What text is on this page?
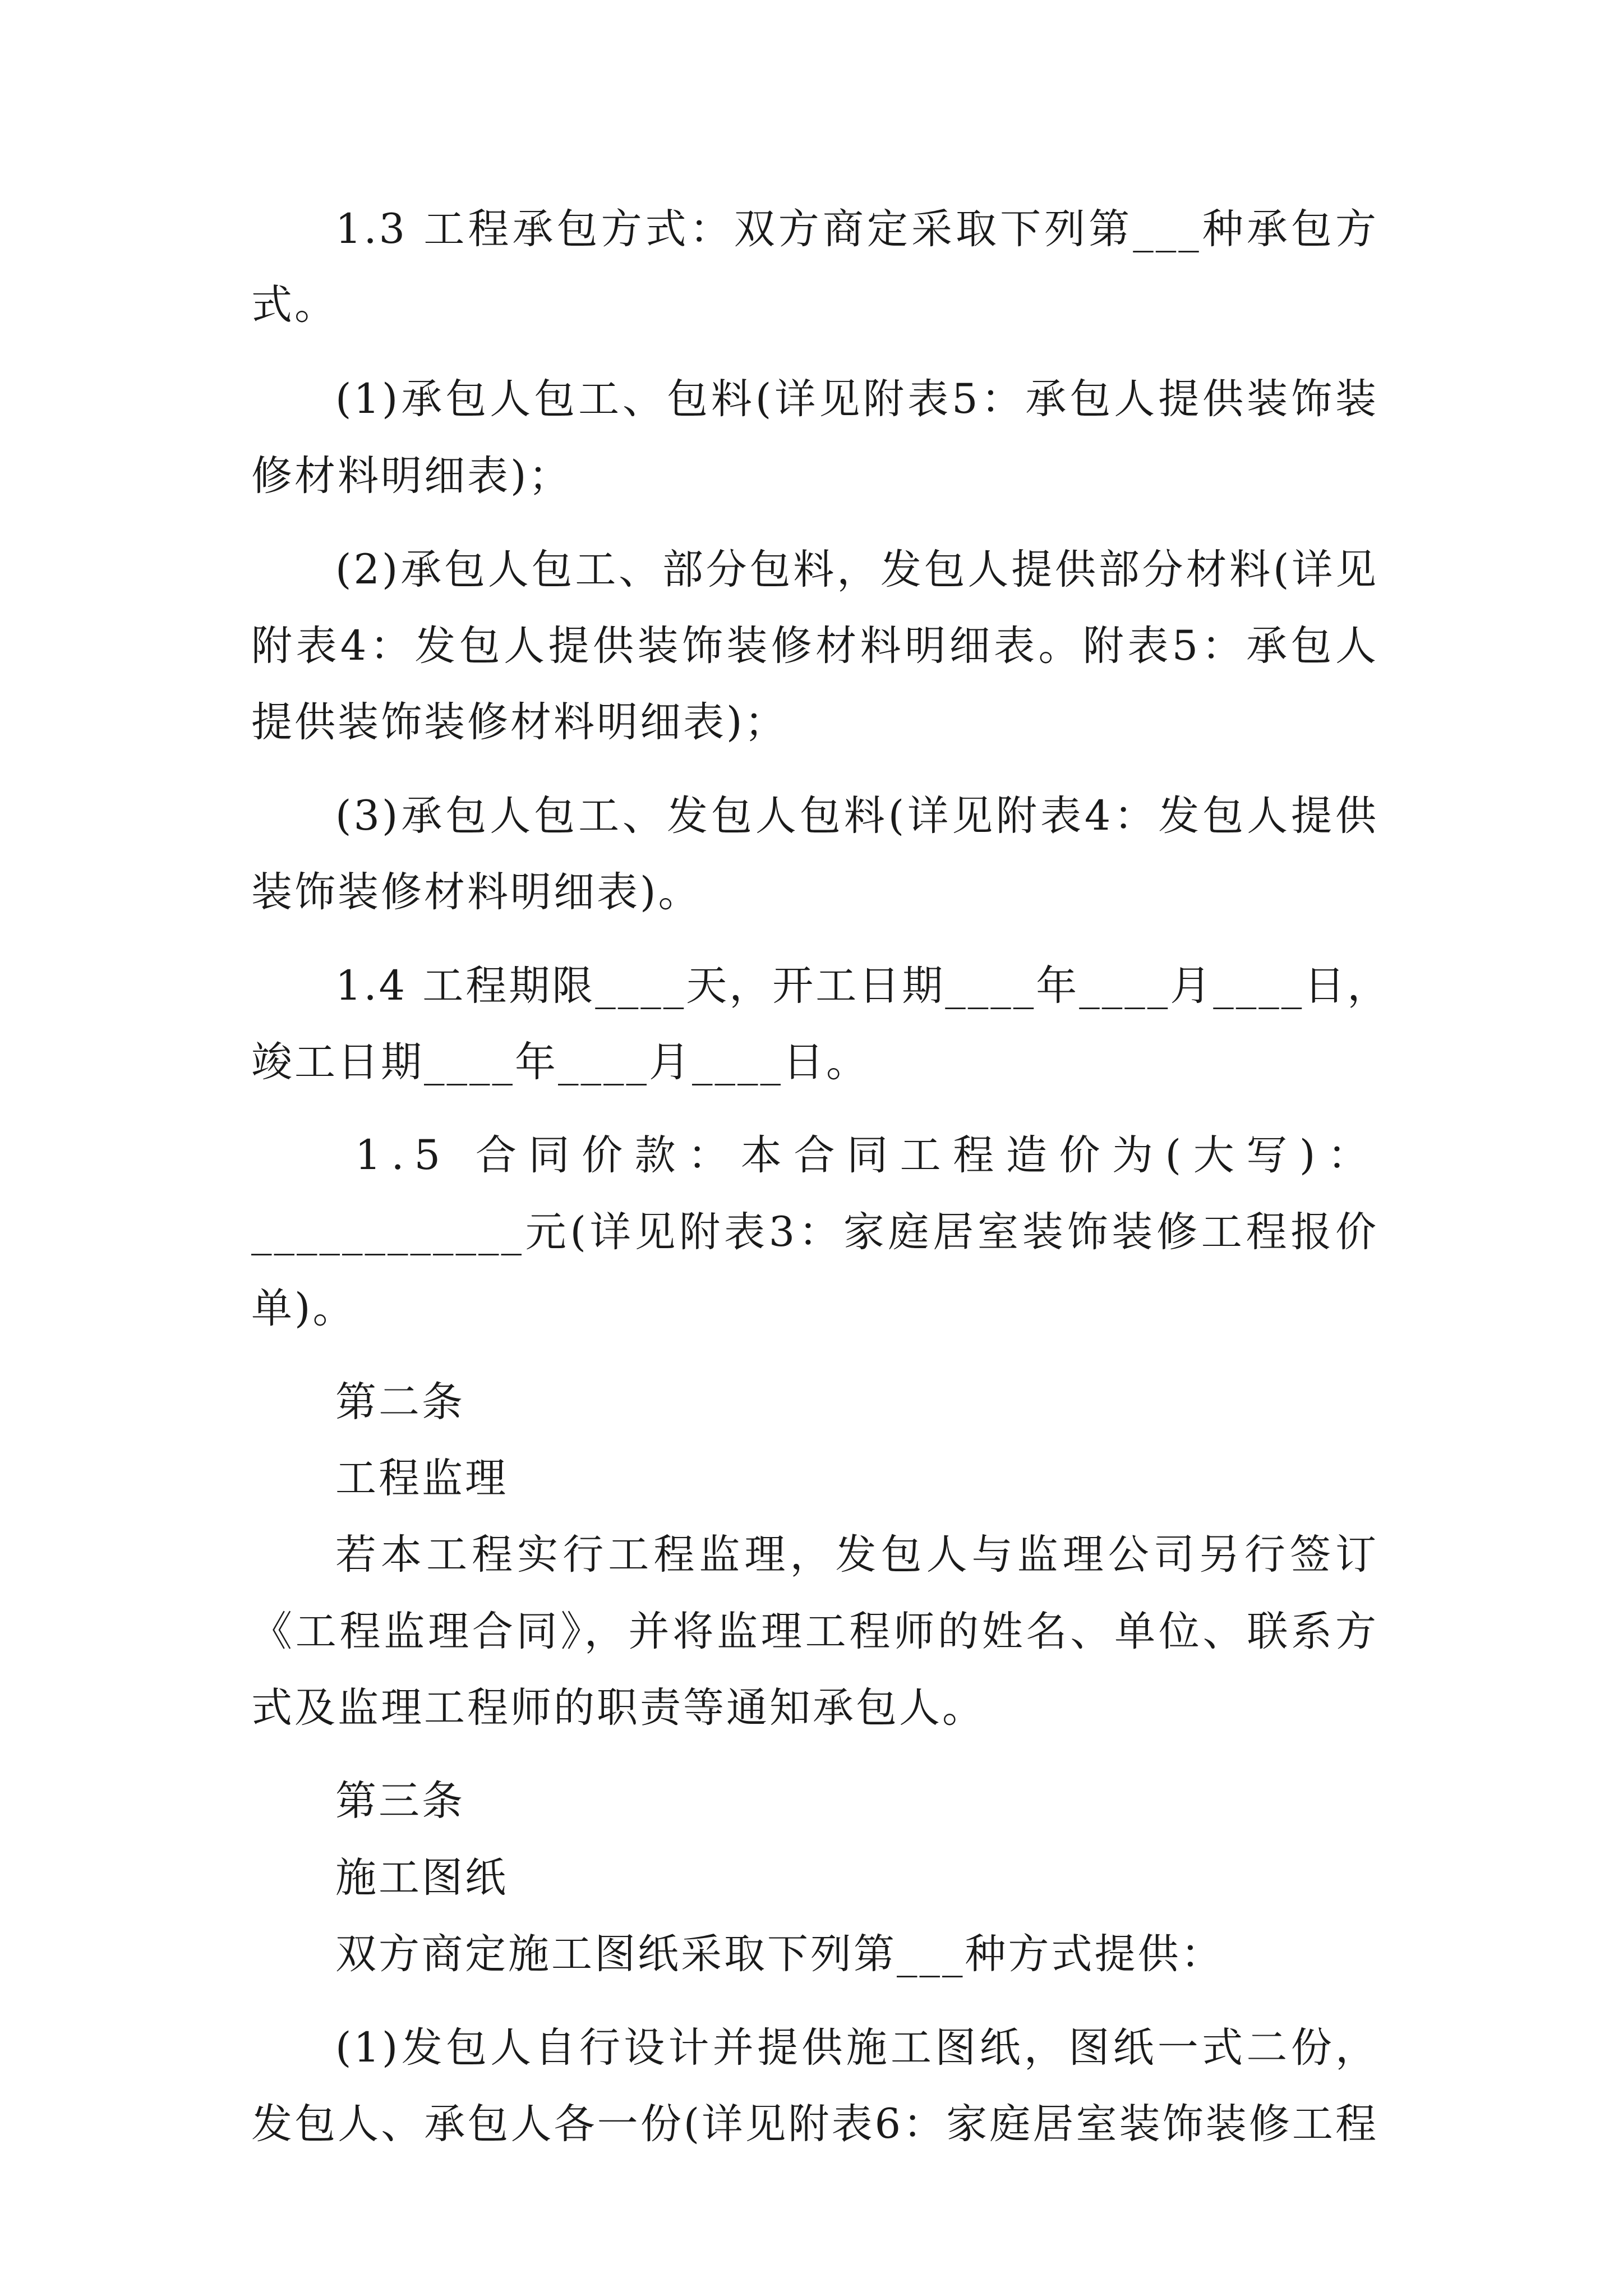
1.3 工程承包方式：双方商定采取下列第___种承包方
式。
(1)承包人包工、包料(详见附表5：承包人提供装饰装
修材料明细表)；
(2)承包人包工、部分包料，发包人提供部分材料(详见
附表4：发包人提供装饰装修材料明细表。附表5：承包人
提供装饰装修材料明细表)；
(3)承包人包工、发包人包料(详见附表4：发包人提供
装饰装修材料明细表)。
1.4 工程期限____天，开工日期____年____月____日，
竣工日期____年____月____日。
1.5 合同价款：本合同工程造价为(大写)：
____________元(详见附表3：家庭居室装饰装修工程报价
单)。
第二条
工程监理
若本工程实行工程监理，发包人与监理公司另行签订
《工程监理合同》，并将监理工程师的姓名、单位、联系方
式及监理工程师的职责等通知承包人。
第三条
施工图纸
双方商定施工图纸采取下列第___种方式提供：
(1)发包人自行设计并提供施工图纸，图纸一式二份，
发包人、承包人各一份(详见附表6：家庭居室装饰装修工程
